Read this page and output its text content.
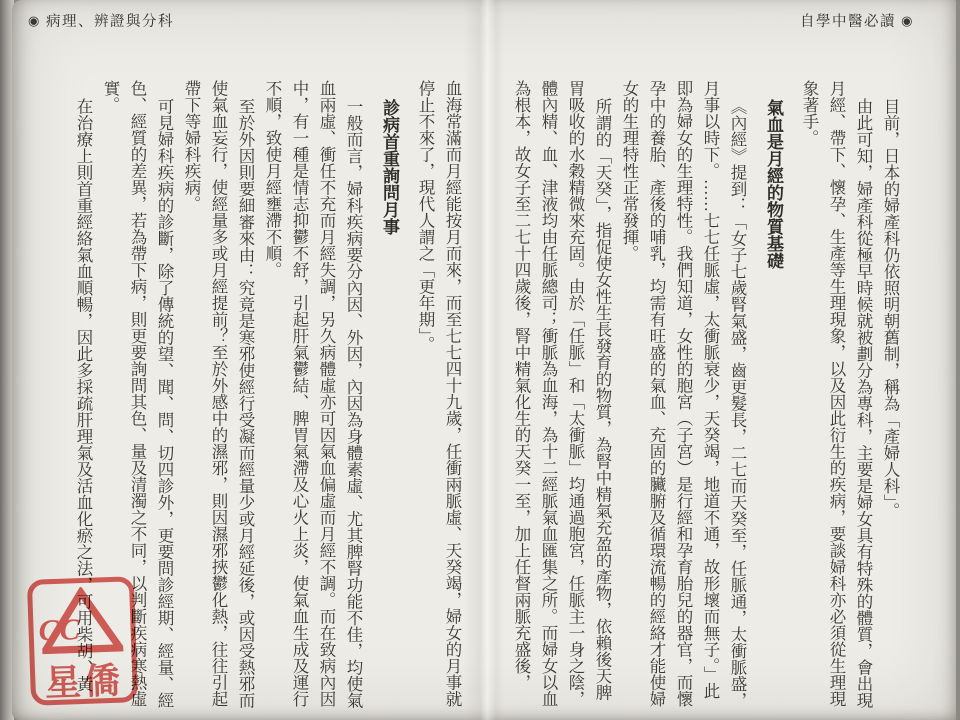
自學中醫必讀 ◉

目前，日本的婦產科仍依照明朝舊制，稱為「產婦人科」。

由此可知，婦產科從極早時候就被劃分為專科，主要是婦女具有特殊的體質，會出現月經、帶下、懷孕、生產等生理現象，以及因此衍生的疾病，要談婦科亦必須從生理現象著手。

氣血是月經的物質基礎

《內經》提到：「女子七歲腎氣盛，齒更髮長，二七而天癸至，任脈通，太衝脈盛，月事以時下。……七七任脈虛，太衝脈衰少，天癸竭，地道不通，故形壞而無子。」此即為婦女的生理特性。我們知道，女性的胞宮（子宮）是行經和孕育胎兒的器官，而懷孕中的養胎、產後的哺乳，均需有旺盛的氣血、充固的臟腑及循環流暢的經絡才能使婦女的生理特性正常發揮。

所謂的「天癸」，指促使女性生長發育的物質，為腎中精氣充盈的產物，依賴後天脾胃吸收的水穀精微來充固。由於「任脈」和「太衝脈」均通過胞宮，任脈主一身之陰，體內精、血、津液均由任脈總司；衝脈為血海，為十二經脈氣血匯集之所。而婦女以血為根本，故女子至二七十四歲後，腎中精氣化生的天癸一至，加上任督兩脈充盛後，

◉ 病理、辨證與分科

血海常滿而月經能按月而來，而至七七四十九歲，任衝兩脈虛、天癸竭，婦女的月事就停止不來了，現代人謂之「更年期」。

診病首重詢問月事

一般而言，婦科疾病要分內因、外因，內因為身體素虛、尤其脾腎功能不佳，均使氣血兩虛、衝任不充而月經失調，另久病體虛亦可因氣血偏虛而月經不調。而在致病內因中，有一種是情志抑鬱不舒，引起肝氣鬱結、脾胃氣滯及心火上炎，使氣血生成及運行不順，致使月經壅滯不順。

至於外因則要細審來由：究竟是寒邪使經行受凝而經量少或月經延後，或因受熱邪而使氣血妄行，使經量多或月經提前？至於外感中的濕邪，則因濕邪挾鬱化熱，往往引起帶下等婦科疾病。

可見婦科疾病的診斷，除了傳統的望、聞、問、切四診外，更要問診經期、經量、經色、經質的差異，若為帶下病，則更要詢問其色、量及清濁之不同，以判斷疾病寒熱虛實。

在治療上則首重經絡氣血順暢，因此多採疏肝理氣及活血化瘀之法，可用柴胡、黃

CC
星僑
